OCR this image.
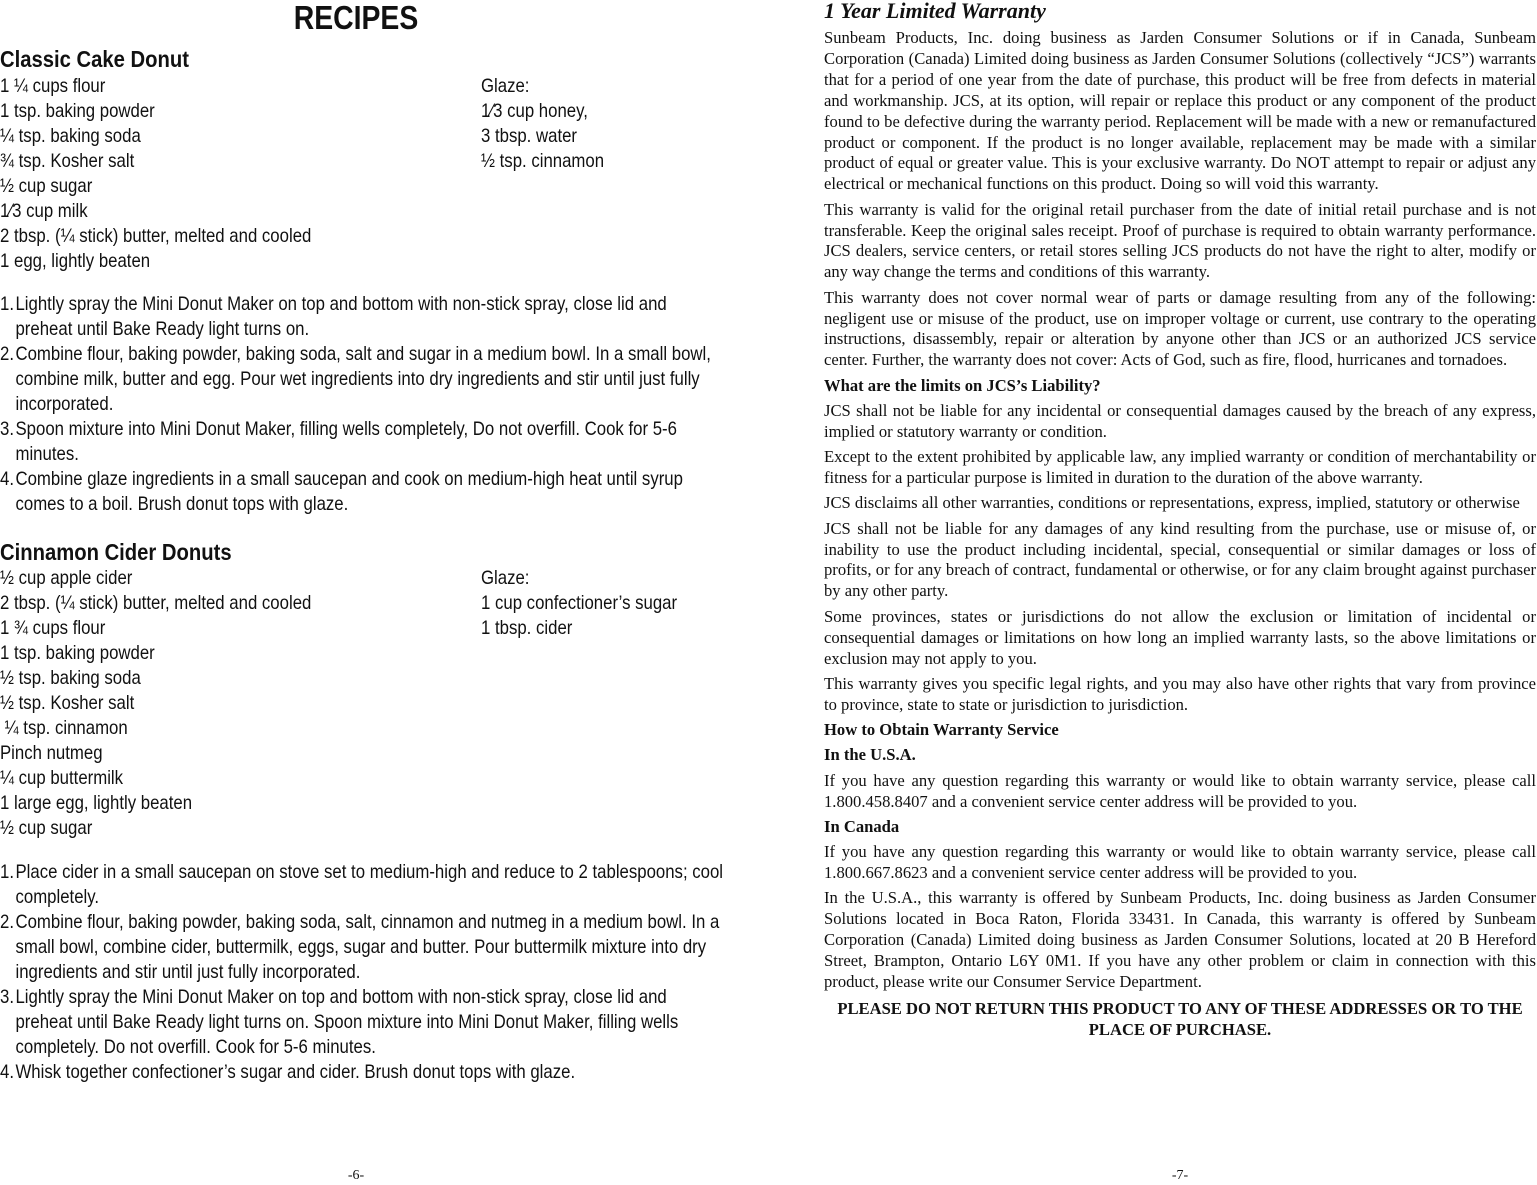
RECIPES
Classic Cake Donut
1 ¼ cups flour
1 tsp. baking powder
¼ tsp. baking soda
¾ tsp. Kosher salt
½ cup sugar
1⁄3 cup milk
2 tbsp. (¼ stick) butter, melted and cooled
1 egg, lightly beaten
Glaze:
1⁄3 cup honey,
3 tbsp. water
½ tsp. cinnamon
1. Lightly spray the Mini Donut Maker on top and bottom with non-stick spray, close lid and preheat until Bake Ready light turns on.
2. Combine flour, baking powder, baking soda, salt and sugar in a medium bowl. In a small bowl, combine milk, butter and egg. Pour wet ingredients into dry ingredients and stir until just fully incorporated.
3. Spoon mixture into Mini Donut Maker, filling wells completely, Do not overfill. Cook for 5-6 minutes.
4. Combine glaze ingredients in a small saucepan and cook on medium-high heat until syrup comes to a boil. Brush donut tops with glaze.
Cinnamon Cider Donuts
½ cup apple cider
2 tbsp. (¼ stick) butter, melted and cooled
1 ¾ cups flour
1 tsp. baking powder
½ tsp. baking soda
½ tsp. Kosher salt
¼ tsp. cinnamon
Pinch nutmeg
¼ cup buttermilk
1 large egg, lightly beaten
½ cup sugar
Glaze:
1 cup confectioner’s sugar
1 tbsp. cider
1. Place cider in a small saucepan on stove set to medium-high and reduce to 2 tablespoons; cool completely.
2. Combine flour, baking powder, baking soda, salt, cinnamon and nutmeg in a medium bowl. In a small bowl, combine cider, buttermilk, eggs, sugar and butter. Pour buttermilk mixture into dry ingredients and stir until just fully incorporated.
3. Lightly spray the Mini Donut Maker on top and bottom with non-stick spray, close lid and preheat until Bake Ready light turns on. Spoon mixture into Mini Donut Maker, filling wells completely. Do not overfill. Cook for 5-6 minutes.
4. Whisk together confectioner’s sugar and cider. Brush donut tops with glaze.
-6-
1 Year Limited Warranty

Sunbeam Products, Inc. doing business as Jarden Consumer Solutions or if in Canada, Sunbeam Corporation (Canada) Limited doing business as Jarden Consumer Solutions (collectively “JCS”) warrants that for a period of one year from the date of purchase, this product will be free from defects in material and workmanship. JCS, at its option, will repair or replace this product or any component of the product found to be defective during the warranty period. Replacement will be made with a new or remanufactured product or component. If the product is no longer available, replacement may be made with a similar product of equal or greater value. This is your exclusive warranty. Do NOT attempt to repair or adjust any electrical or mechanical functions on this product. Doing so will void this warranty.

This warranty is valid for the original retail purchaser from the date of initial retail purchase and is not transferable. Keep the original sales receipt. Proof of purchase is required to obtain warranty performance. JCS dealers, service centers, or retail stores selling JCS products do not have the right to alter, modify or any way change the terms and conditions of this warranty.

This warranty does not cover normal wear of parts or damage resulting from any of the following: negligent use or misuse of the product, use on improper voltage or current, use contrary to the operating instructions, disassembly, repair or alteration by anyone other than JCS or an authorized JCS service center. Further, the warranty does not cover: Acts of God, such as fire, flood, hurricanes and tornadoes.

What are the limits on JCS’s Liability?

JCS shall not be liable for any incidental or consequential damages caused by the breach of any express, implied or statutory warranty or condition.

Except to the extent prohibited by applicable law, any implied warranty or condition of merchantability or fitness for a particular purpose is limited in duration to the duration of the above warranty.

JCS disclaims all other warranties, conditions or representations, express, implied, statutory or otherwise

JCS shall not be liable for any damages of any kind resulting from the purchase, use or misuse of, or inability to use the product including incidental, special, consequential or similar damages or loss of profits, or for any breach of contract, fundamental or otherwise, or for any claim brought against purchaser by any other party.

Some provinces, states or jurisdictions do not allow the exclusion or limitation of incidental or consequential damages or limitations on how long an implied warranty lasts, so the above limitations or exclusion may not apply to you.

This warranty gives you specific legal rights, and you may also have other rights that vary from province to province, state to state or jurisdiction to jurisdiction.

How to Obtain Warranty Service

In the U.S.A.

If you have any question regarding this warranty or would like to obtain warranty service, please call 1.800.458.8407 and a convenient service center address will be provided to you.

In Canada

If you have any question regarding this warranty or would like to obtain warranty service, please call 1.800.667.8623 and a convenient service center address will be provided to you.

In the U.S.A., this warranty is offered by Sunbeam Products, Inc. doing business as Jarden Consumer Solutions located in Boca Raton, Florida 33431. In Canada, this warranty is offered by Sunbeam Corporation (Canada) Limited doing business as Jarden Consumer Solutions, located at 20 B Hereford Street, Brampton, Ontario L6Y 0M1. If you have any other problem or claim in connection with this product, please write our Consumer Service Department.

PLEASE DO NOT RETURN THIS PRODUCT TO ANY OF THESE ADDRESSES OR TO THE PLACE OF PURCHASE.

-7-
